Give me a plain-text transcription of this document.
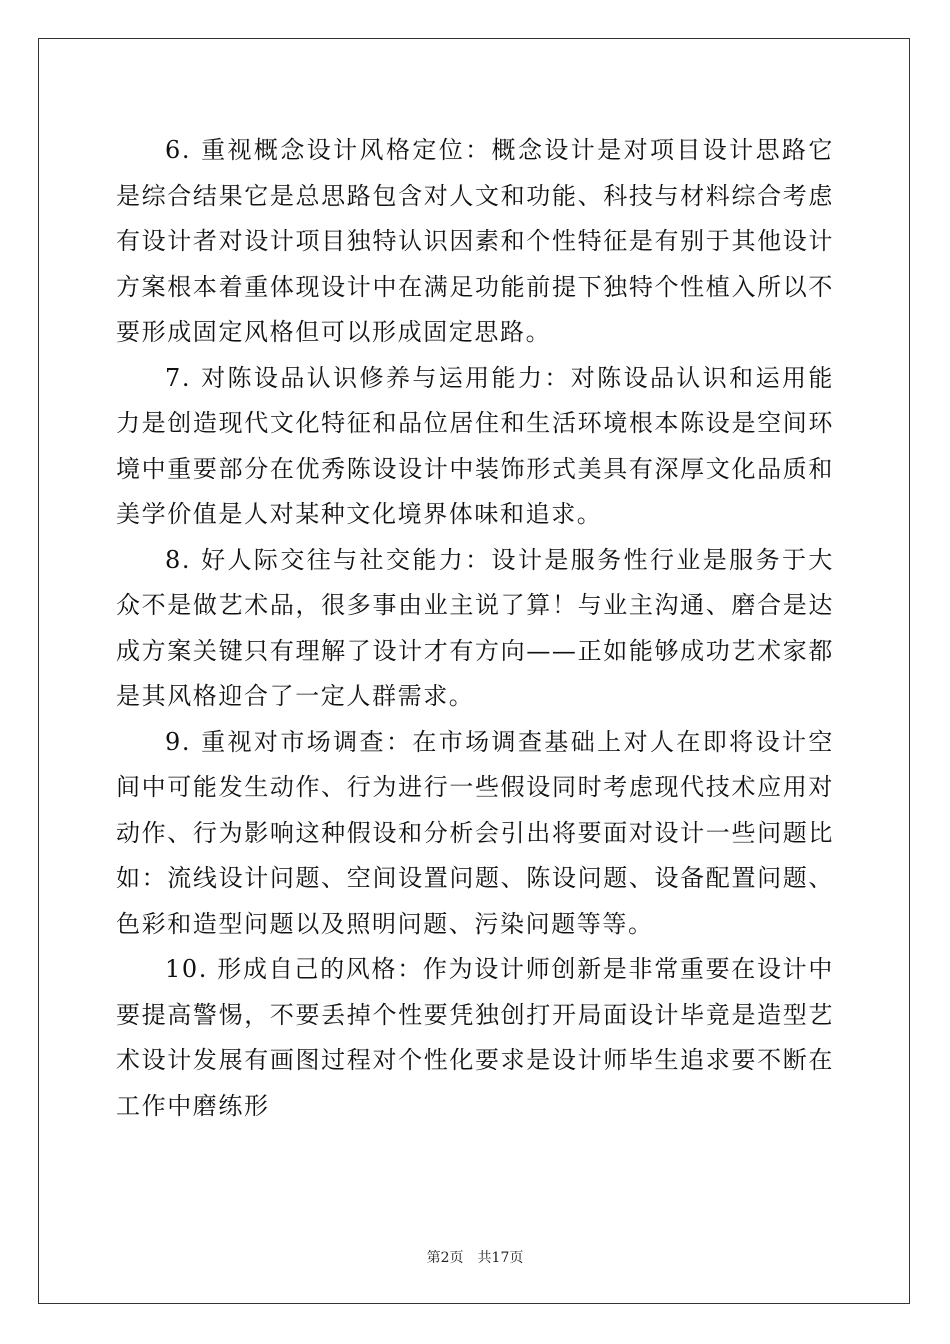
6. 重视概念设计风格定位：概念设计是对项目设计思路它是综合结果它是总思路包含对人文和功能、科技与材料综合考虑有设计者对设计项目独特认识因素和个性特征是有别于其他设计方案根本着重体现设计中在满足功能前提下独特个性植入所以不要形成固定风格但可以形成固定思路。

7. 对陈设品认识修养与运用能力：对陈设品认识和运用能力是创造现代文化特征和品位居住和生活环境根本陈设是空间环境中重要部分在优秀陈设设计中装饰形式美具有深厚文化品质和美学价值是人对某种文化境界体味和追求。

8. 好人际交往与社交能力：设计是服务性行业是服务于大众不是做艺术品，很多事由业主说了算！与业主沟通、磨合是达成方案关键只有理解了设计才有方向——正如能够成功艺术家都是其风格迎合了一定人群需求。

9. 重视对市场调查：在市场调查基础上对人在即将设计空间中可能发生动作、行为进行一些假设同时考虑现代技术应用对动作、行为影响这种假设和分析会引出将要面对设计一些问题比如：流线设计问题、空间设置问题、陈设问题、设备配置问题、色彩和造型问题以及照明问题、污染问题等等。

10. 形成自己的风格：作为设计师创新是非常重要在设计中要提高警惕，不要丢掉个性要凭独创打开局面设计毕竟是造型艺术设计发展有画图过程对个性化要求是设计师毕生追求要不断在工作中磨练形

第2页 共17页
